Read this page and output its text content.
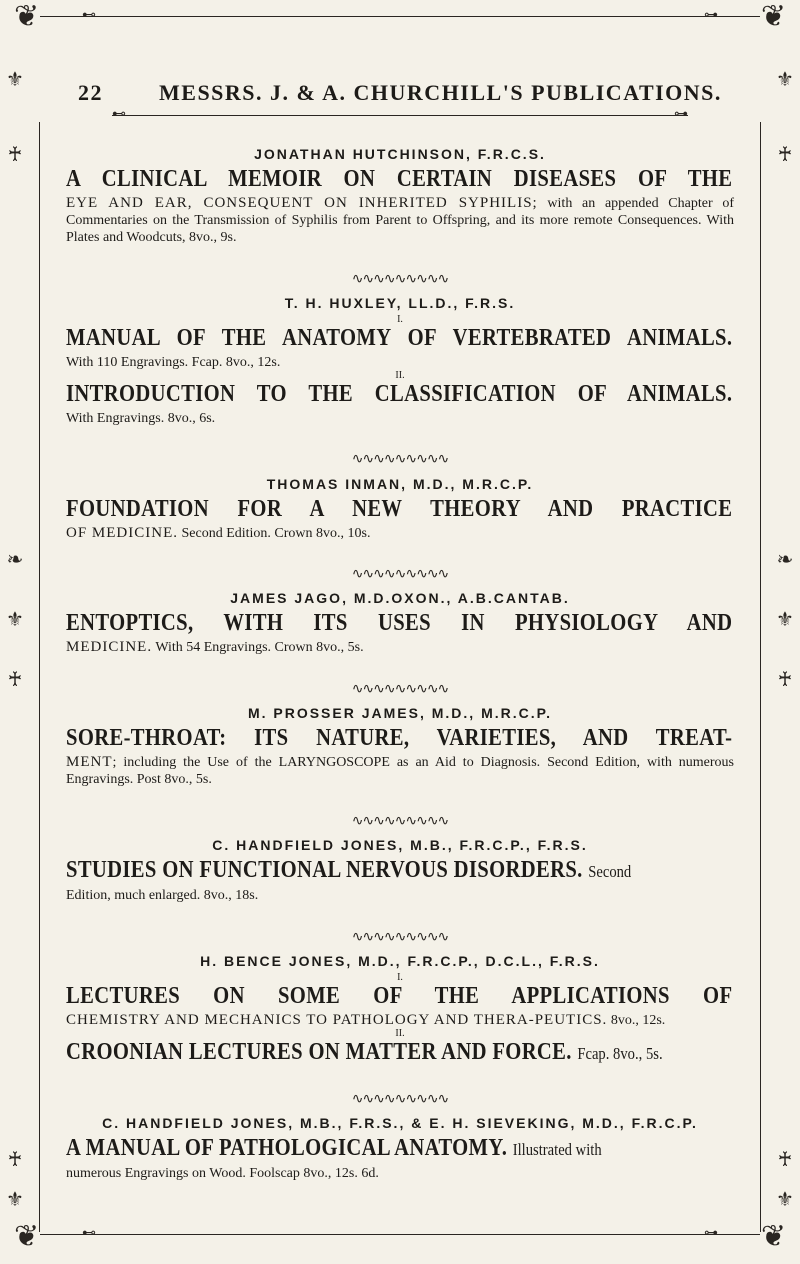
❦	❦
❦	❦
⊷	⊶
⊷	⊶
⊷	⊶
⚜	⚜
♰	♰
❧	❧
⚜	⚜
♰	♰
♰	♰
⚜	⚜
22	MESSRS. J. & A. CHURCHILL'S PUBLICATIONS.
JONATHAN HUTCHINSON, F.R.C.S.
A CLINICAL MEMOIR ON CERTAIN DISEASES OF THE
EYE AND EAR, CONSEQUENT ON INHERITED SYPHILIS; with an appended Chapter of Commentaries on the Transmission of Syphilis from Parent to Offspring, and its more remote Consequences. With Plates and Woodcuts, 8vo., 9s.
∿∿∿∿∿∿∿∿∿
T. H. HUXLEY, LL.D., F.R.S.
I.
MANUAL OF THE ANATOMY OF VERTEBRATED ANIMALS.
With 110 Engravings. Fcap. 8vo., 12s.
II.
INTRODUCTION TO THE CLASSIFICATION OF ANIMALS.
With Engravings. 8vo., 6s.
∿∿∿∿∿∿∿∿∿
THOMAS INMAN, M.D., M.R.C.P.
FOUNDATION FOR A NEW THEORY AND PRACTICE
OF MEDICINE. Second Edition. Crown 8vo., 10s.
∿∿∿∿∿∿∿∿∿
JAMES JAGO, M.D.OXON., A.B.CANTAB.
ENTOPTICS, WITH ITS USES IN PHYSIOLOGY AND
MEDICINE. With 54 Engravings. Crown 8vo., 5s.
∿∿∿∿∿∿∿∿∿
M. PROSSER JAMES, M.D., M.R.C.P.
SORE-THROAT: ITS NATURE, VARIETIES, AND TREAT-
MENT; including the Use of the LARYNGOSCOPE as an Aid to Diagnosis. Second Edition, with numerous Engravings. Post 8vo., 5s.
∿∿∿∿∿∿∿∿∿
C. HANDFIELD JONES, M.B., F.R.C.P., F.R.S.
STUDIES ON FUNCTIONAL NERVOUS DISORDERS. Second
Edition, much enlarged. 8vo., 18s.
∿∿∿∿∿∿∿∿∿
H. BENCE JONES, M.D., F.R.C.P., D.C.L., F.R.S.
I.
LECTURES ON SOME OF THE APPLICATIONS OF
CHEMISTRY AND MECHANICS TO PATHOLOGY AND THERA-PEUTICS. 8vo., 12s.
II.
CROONIAN LECTURES ON MATTER AND FORCE. Fcap. 8vo., 5s.
∿∿∿∿∿∿∿∿∿
C. HANDFIELD JONES, M.B., F.R.S., & E. H. SIEVEKING, M.D., F.R.C.P.
A MANUAL OF PATHOLOGICAL ANATOMY. Illustrated with
numerous Engravings on Wood. Foolscap 8vo., 12s. 6d.
